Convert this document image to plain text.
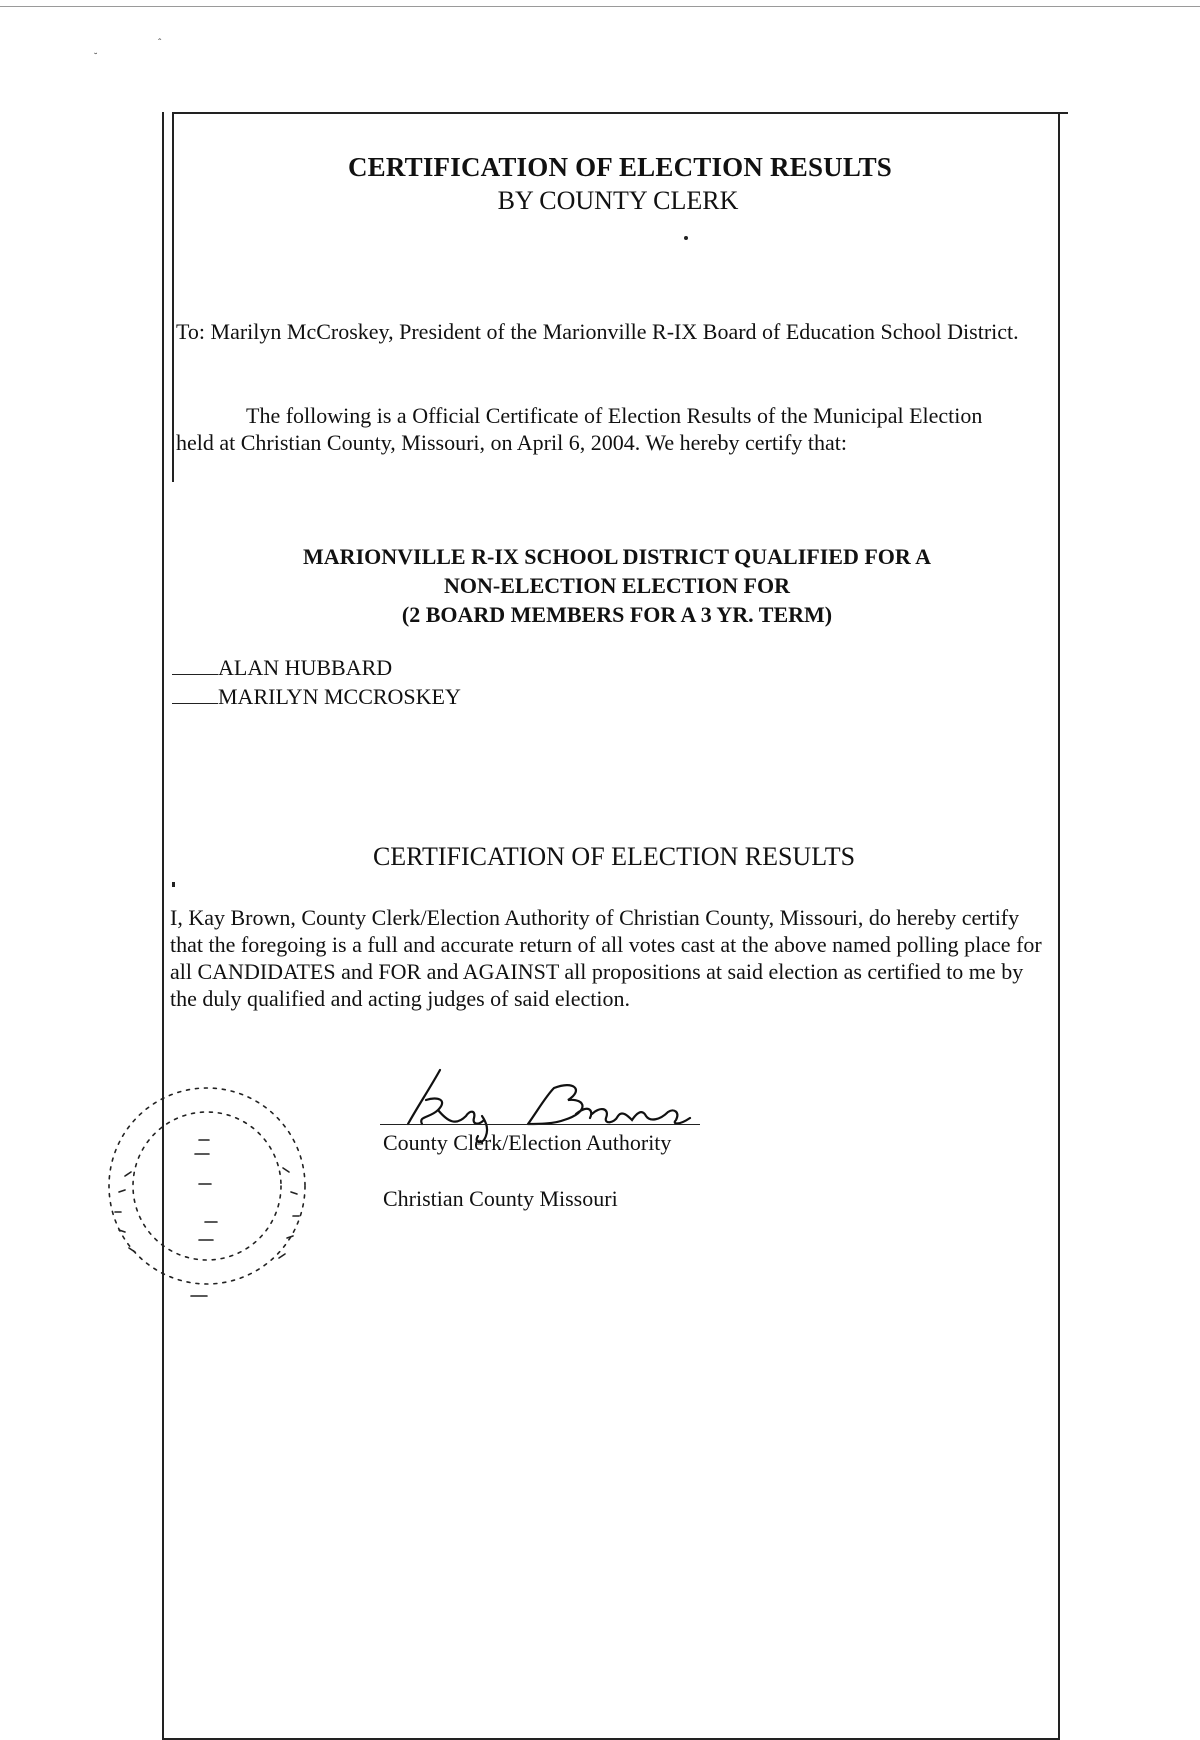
˘
ˆ
CERTIFICATION OF ELECTION RESULTS
BY COUNTY CLERK
To: Marilyn McCroskey, President of the Marionville R-IX Board of Education School District.
The following is a Official Certificate of Election Results of the Municipal Election
held at Christian County, Missouri, on April 6, 2004. We hereby certify that:
MARIONVILLE R-IX SCHOOL DISTRICT QUALIFIED FOR A
NON-ELECTION ELECTION FOR
(2 BOARD MEMBERS FOR A 3 YR. TERM)
ALAN HUBBARD
MARILYN MCCROSKEY
CERTIFICATION OF ELECTION RESULTS
I, Kay Brown, County Clerk/Election Authority of Christian County, Missouri, do hereby certify that the foregoing is a full and accurate return of all votes cast at the above named polling place for all CANDIDATES and FOR and AGAINST all propositions at said election as certified to me by the duly qualified and acting judges of said election.
County Clerk/Election Authority
Christian County Missouri
